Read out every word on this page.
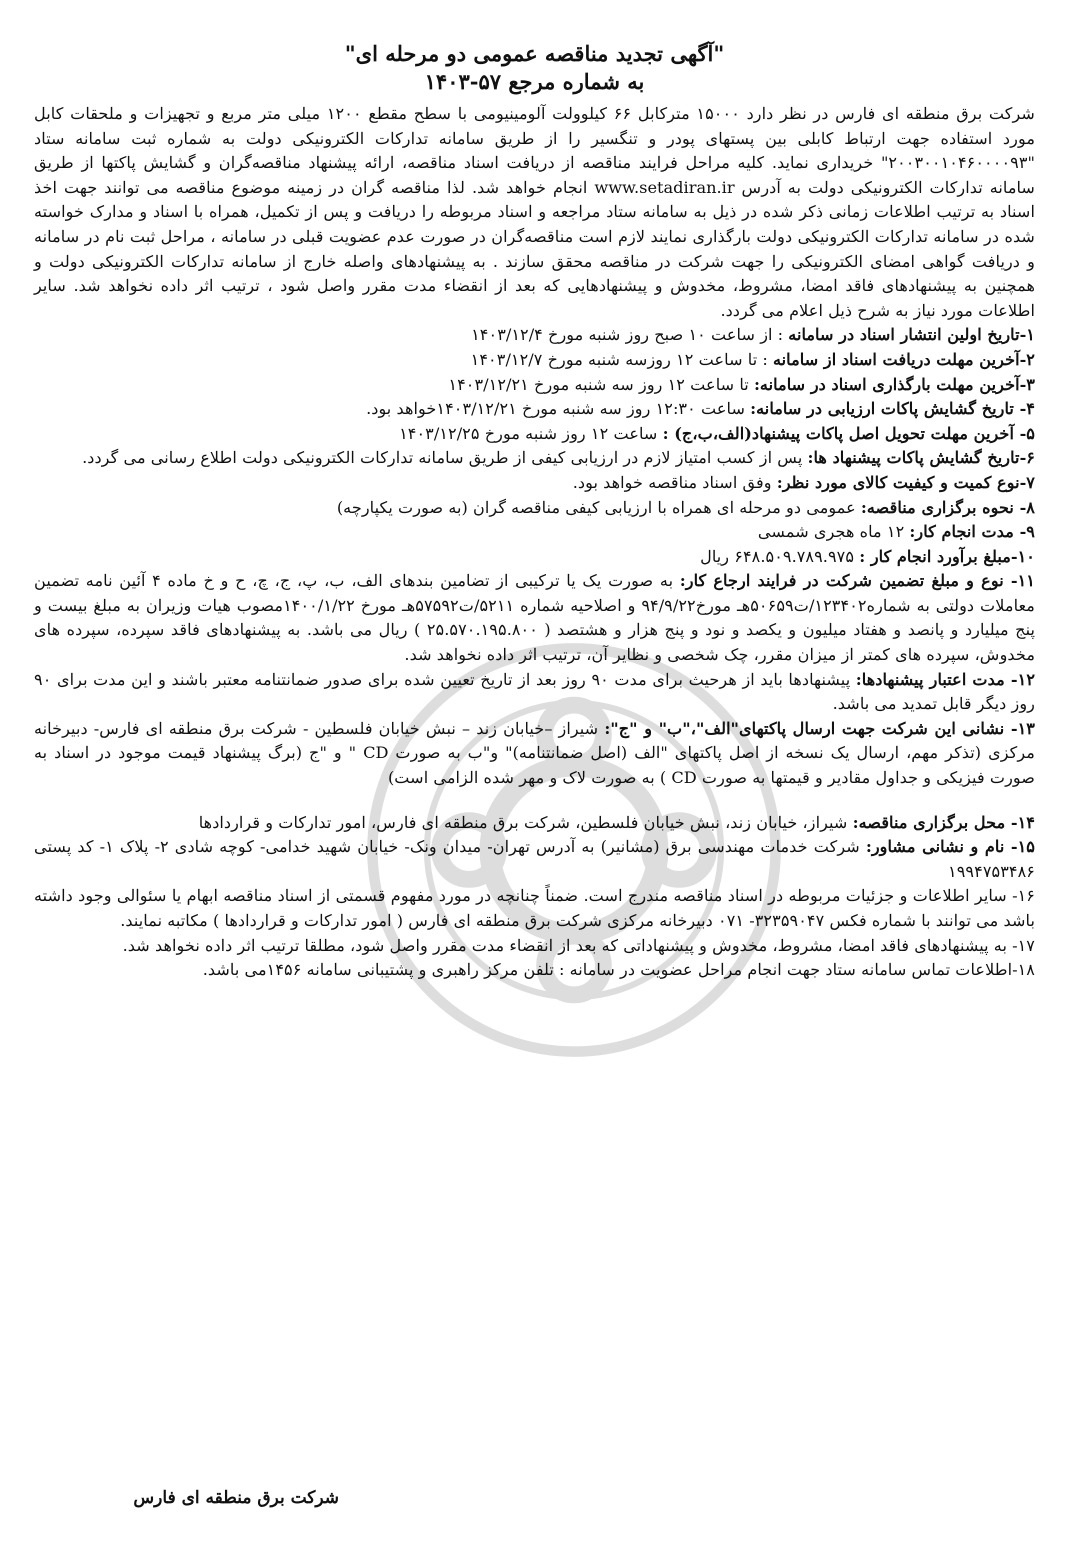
"آگهی تجدید مناقصه عمومی دو مرحله ای"

به شماره مرجع ۵۷-۱۴۰۳

شرکت برق منطقه ای فارس در نظر دارد ۱۵۰۰۰ مترکابل ۶۶ کیلوولت آلومینیومی با سطح مقطع ۱۲۰۰ میلی متر مربع و تجهیزات و ملحقات کابل مورد استفاده جهت ارتباط کابلی بین پستهای پودر و تنگسیر را از طریق سامانه تدارکات الکترونیکی دولت به شماره ثبت سامانه ستاد "۲۰۰۳۰۰۱۰۴۶۰۰۰۰۹۳" خریداری نماید. کلیه مراحل فرایند مناقصه از دریافت اسناد مناقصه، ارائه پیشنهاد مناقصه‌گران و گشایش پاکتها از طریق سامانه تدارکات الکترونیکی دولت به آدرس www.setadiran.ir انجام خواهد شد. لذا مناقصه گران در زمینه موضوع مناقصه می توانند جهت اخذ اسناد به ترتیب اطلاعات زمانی ذکر شده در ذیل به سامانه ستاد مراجعه و اسناد مربوطه را دریافت و پس از تکمیل، همراه با اسناد و مدارک خواسته شده در سامانه تدارکات الکترونیکی دولت بارگذاری نمایند لازم است مناقصه‌گران در صورت عدم عضویت قبلی در سامانه ، مراحل ثبت نام در سامانه و دریافت گواهی امضای الکترونیکی را جهت شرکت در مناقصه محقق سازند . به پیشنهادهای واصله خارج از سامانه تدارکات الکترونیکی دولت و همچنین به پیشنهادهای فاقد امضا، مشروط، مخدوش و پیشنهادهایی که بعد از انقضاء مدت مقرر واصل شود ، ترتیب اثر داده نخواهد شد. سایر اطلاعات مورد نیاز به شرح ذیل اعلام می گردد.

۱-تاریخ اولین انتشار اسناد در سامانه : از ساعت ۱۰ صبح روز شنبه مورخ ۱۴۰۳/۱۲/۴

۲-آخرین مهلت دریافت اسناد از سامانه : تا ساعت ۱۲ روزسه شنبه مورخ ۱۴۰۳/۱۲/۷

۳-آخرین مهلت بارگذاری اسناد در سامانه: تا ساعت ۱۲ روز سه شنبه مورخ ۱۴۰۳/۱۲/۲۱

۴- تاریخ گشایش پاکات ارزیابی در سامانه: ساعت ۱۲:۳۰ روز سه شنبه مورخ ۱۴۰۳/۱۲/۲۱خواهد بود.

۵- آخرین مهلت تحویل اصل پاکات پیشنهاد(الف،ب،ج) : ساعت ۱۲ روز شنبه مورخ ۱۴۰۳/۱۲/۲۵

۶-تاریخ گشایش پاکات پیشنهاد ها: پس از کسب امتیاز لازم در ارزیابی کیفی از طریق سامانه تدارکات الکترونیکی دولت اطلاع رسانی می گردد.

۷-نوع کمیت و کیفیت کالای مورد نظر: وفق اسناد مناقصه خواهد بود.

۸- نحوه برگزاری مناقصه: عمومی دو مرحله ای همراه با ارزیابی کیفی مناقصه گران (به صورت یکپارچه)

۹- مدت انجام کار: ۱۲ ماه هجری شمسی

۱۰-مبلغ برآورد انجام کار : ۶۴۸.۵۰۹.۷۸۹.۹۷۵ ریال

۱۱- نوع و مبلغ تضمین شرکت در فرایند ارجاع کار: به صورت یک یا ترکیبی از تضامین بندهای الف، ب، پ، ج، چ، ح و خ ماده ۴ آئین نامه تضمین معاملات دولتی به شماره۱۲۳۴۰۲/ت۵۰۶۵۹هـ مورخ۹۴/۹/۲۲ و اصلاحیه شماره ۵۲۱۱/ت۵۷۵۹۲هـ مورخ ۱۴۰۰/۱/۲۲مصوب هیات وزیران به مبلغ بیست و پنج میلیارد و پانصد و هفتاد میلیون و یکصد و نود و پنج هزار و هشتصد ( ۲۵.۵۷۰.۱۹۵.۸۰۰ ) ریال می باشد. به پیشنهادهای فاقد سپرده، سپرده های مخدوش، سپرده های کمتر از میزان مقرر، چک شخصی و نظایر آن، ترتیب اثر داده نخواهد شد.

۱۲- مدت اعتبار پیشنهادها: پیشنهادها باید از هرحیث برای مدت ۹۰ روز بعد از تاریخ تعیین شده برای صدور ضمانتنامه معتبر باشند و این مدت برای ۹۰ روز دیگر قابل تمدید می باشد.

۱۳- نشانی این شرکت جهت ارسال پاکتهای"الف"،"ب" و "ج": شیراز –خیابان زند – نبش خیابان فلسطین - شرکت برق منطقه ای فارس- دبیرخانه مرکزی (تذکر مهم، ارسال یک نسخه از اصل پاکتهای "الف (اصل ضمانتنامه)" و"ب به صورت CD " و "ج (برگ پیشنهاد قیمت موجود در اسناد به صورت فیزیکی و جداول مقادیر و قیمتها به صورت CD ) به صورت لاک و مهر شده الزامی است)

۱۴- محل برگزاری مناقصه: شیراز، خیابان زند، نبش خیابان فلسطین، شرکت برق منطقه ای فارس، امور تدارکات و قراردادها

۱۵- نام و نشانی مشاور: شرکت خدمات مهندسی برق (مشانیر) به آدرس تهران- میدان ونک- خیابان شهید خدامی- کوچه شادی ۲- پلاک ۱- کد پستی ۱۹۹۴۷۵۳۴۸۶

۱۶- سایر اطلاعات و جزئیات مربوطه در اسناد مناقصه مندرج است. ضمناً چنانچه در مورد مفهوم قسمتی از اسناد مناقصه ابهام یا سئوالی وجود داشته باشد می توانند با شماره فکس ۳۲۳۵۹۰۴۷- ۰۷۱ دبیرخانه مرکزی شرکت برق منطقه ای فارس ( امور تدارکات و قراردادها ) مکاتبه نمایند.

۱۷- به پیشنهادهای فاقد امضا، مشروط، مخدوش و پیشنهاداتی که بعد از انقضاء مدت مقرر واصل شود، مطلقا ترتیب اثر داده نخواهد شد.

۱۸-اطلاعات تماس سامانه ستاد جهت انجام مراحل عضویت در سامانه : تلفن مرکز راهبری و پشتیبانی سامانه ۱۴۵۶می باشد.

شرکت برق منطقه ای فارس
